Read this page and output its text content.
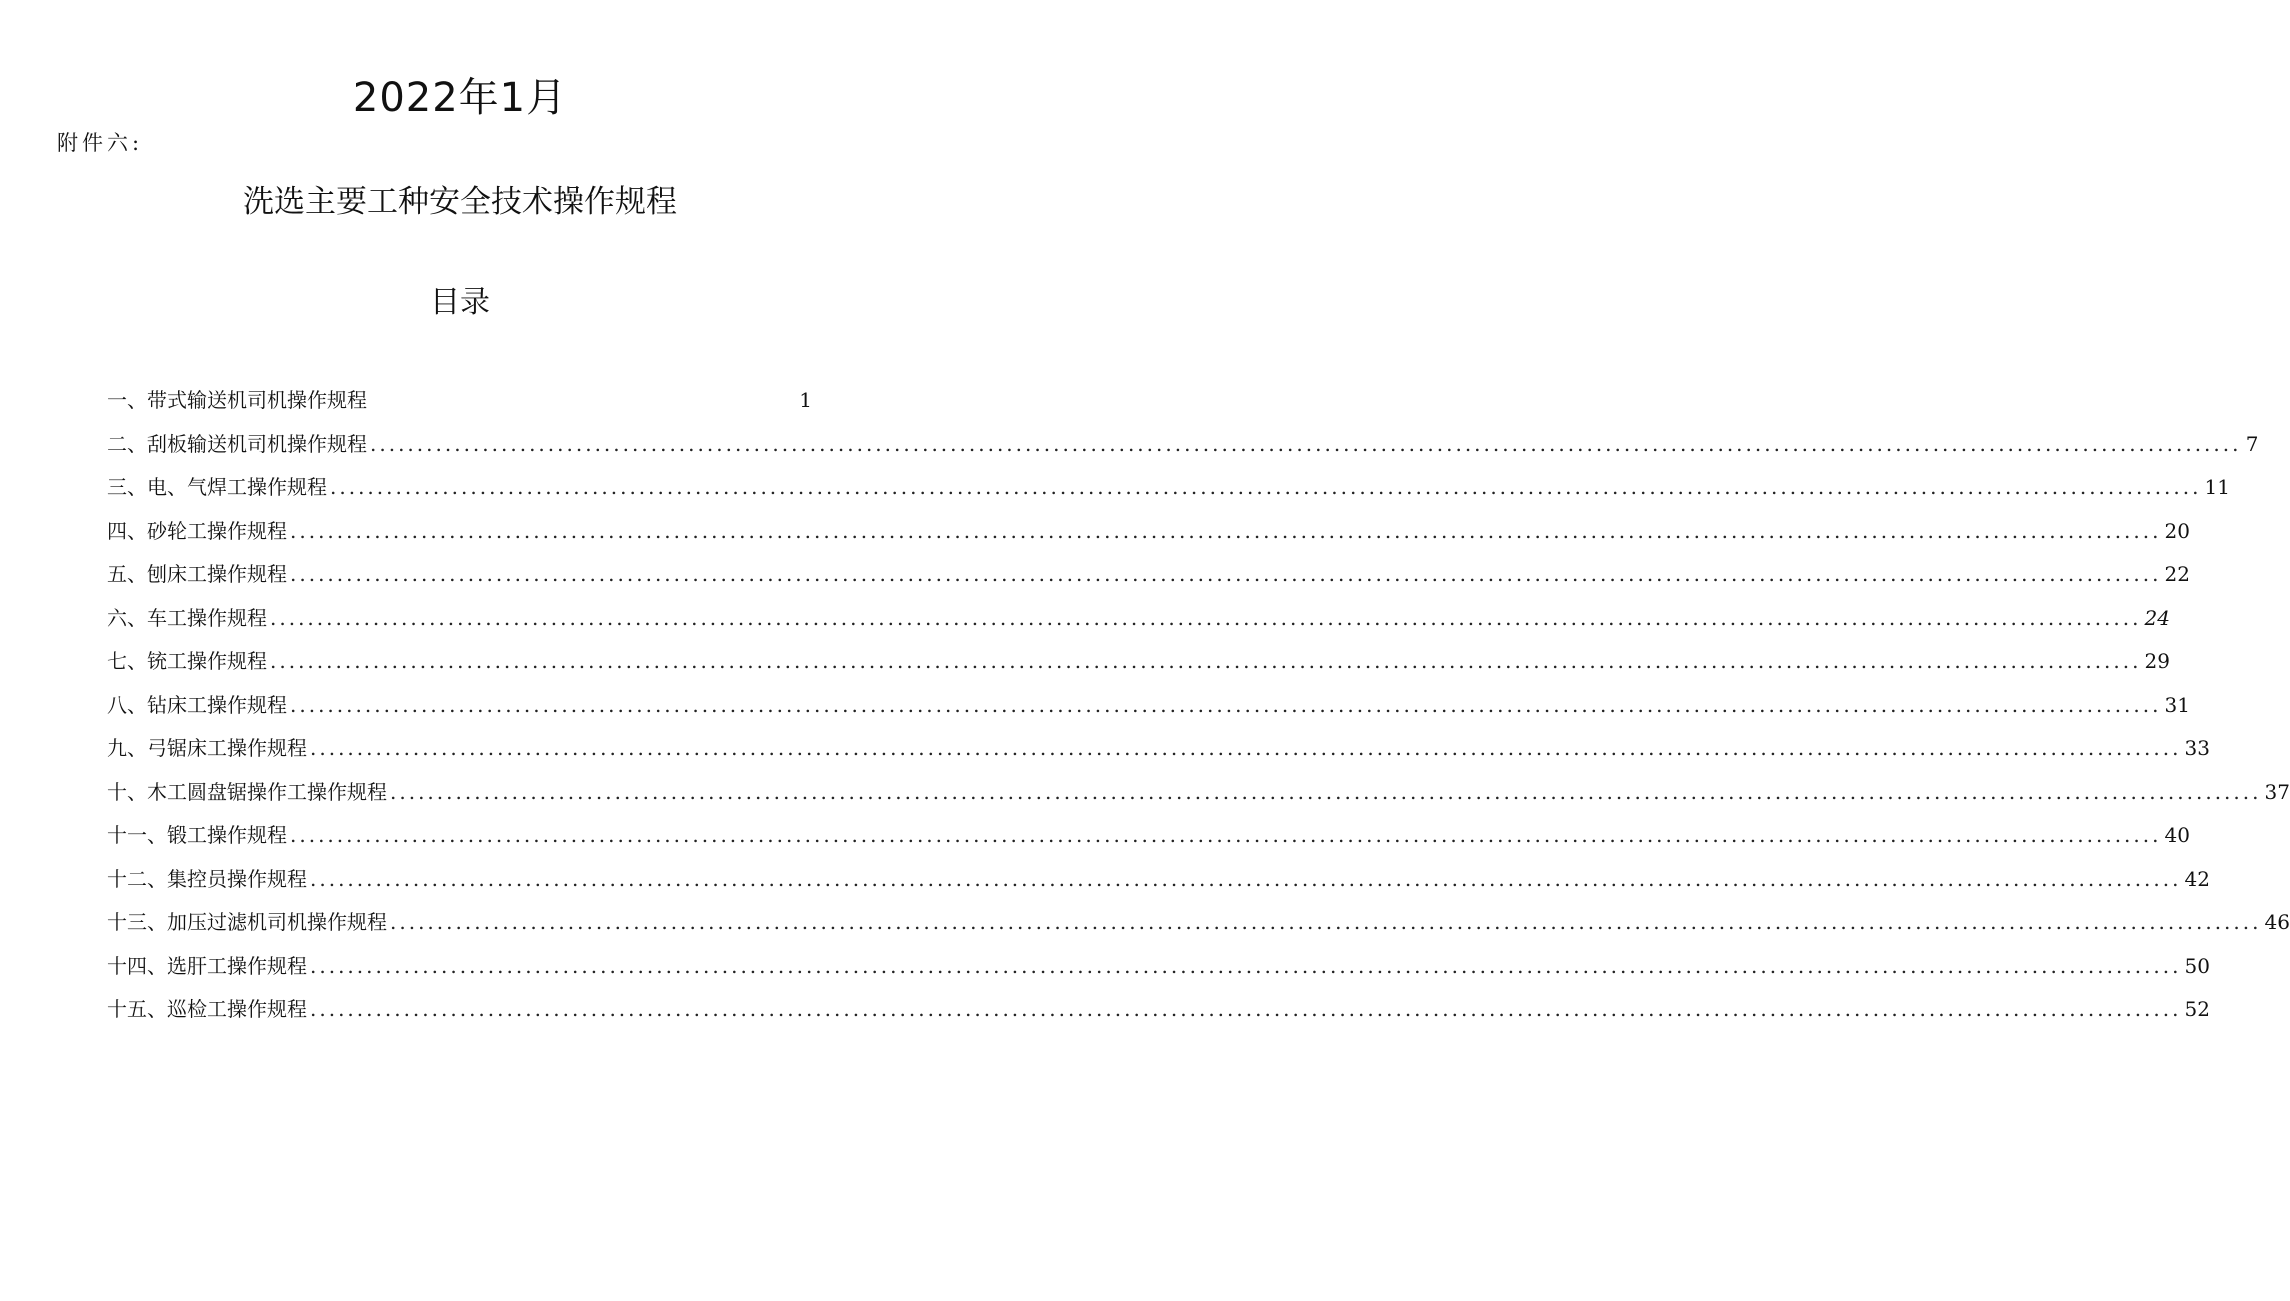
2022年1月
附件六:
洗选主要工种安全技术操作规程
目录
一、带式输送机司机操作规程	1
二、刮板输送机司机操作规程 ........................................................................................................................................................................................................ 7
三、电、气焊工操作规程 ........................................................................................................................................................................................................ 11
四、砂轮工操作规程 ........................................................................................................................................................................................................ 20
五、刨床工操作规程 ........................................................................................................................................................................................................ 22
六、车工操作规程 ........................................................................................................................................................................................................ 24
七、铳工操作规程 ........................................................................................................................................................................................................ 29
八、钻床工操作规程 ........................................................................................................................................................................................................ 31
九、弓锯床工操作规程 ........................................................................................................................................................................................................ 33
十、木工圆盘锯操作工操作规程 ........................................................................................................................................................................................................ 37
十一、锻工操作规程 ........................................................................................................................................................................................................ 40
十二、集控员操作规程 ........................................................................................................................................................................................................ 42
十三、加压过滤机司机操作规程 ........................................................................................................................................................................................................ 46
十四、选肝工操作规程 ........................................................................................................................................................................................................ 50
十五、巡检工操作规程 ........................................................................................................................................................................................................ 52
